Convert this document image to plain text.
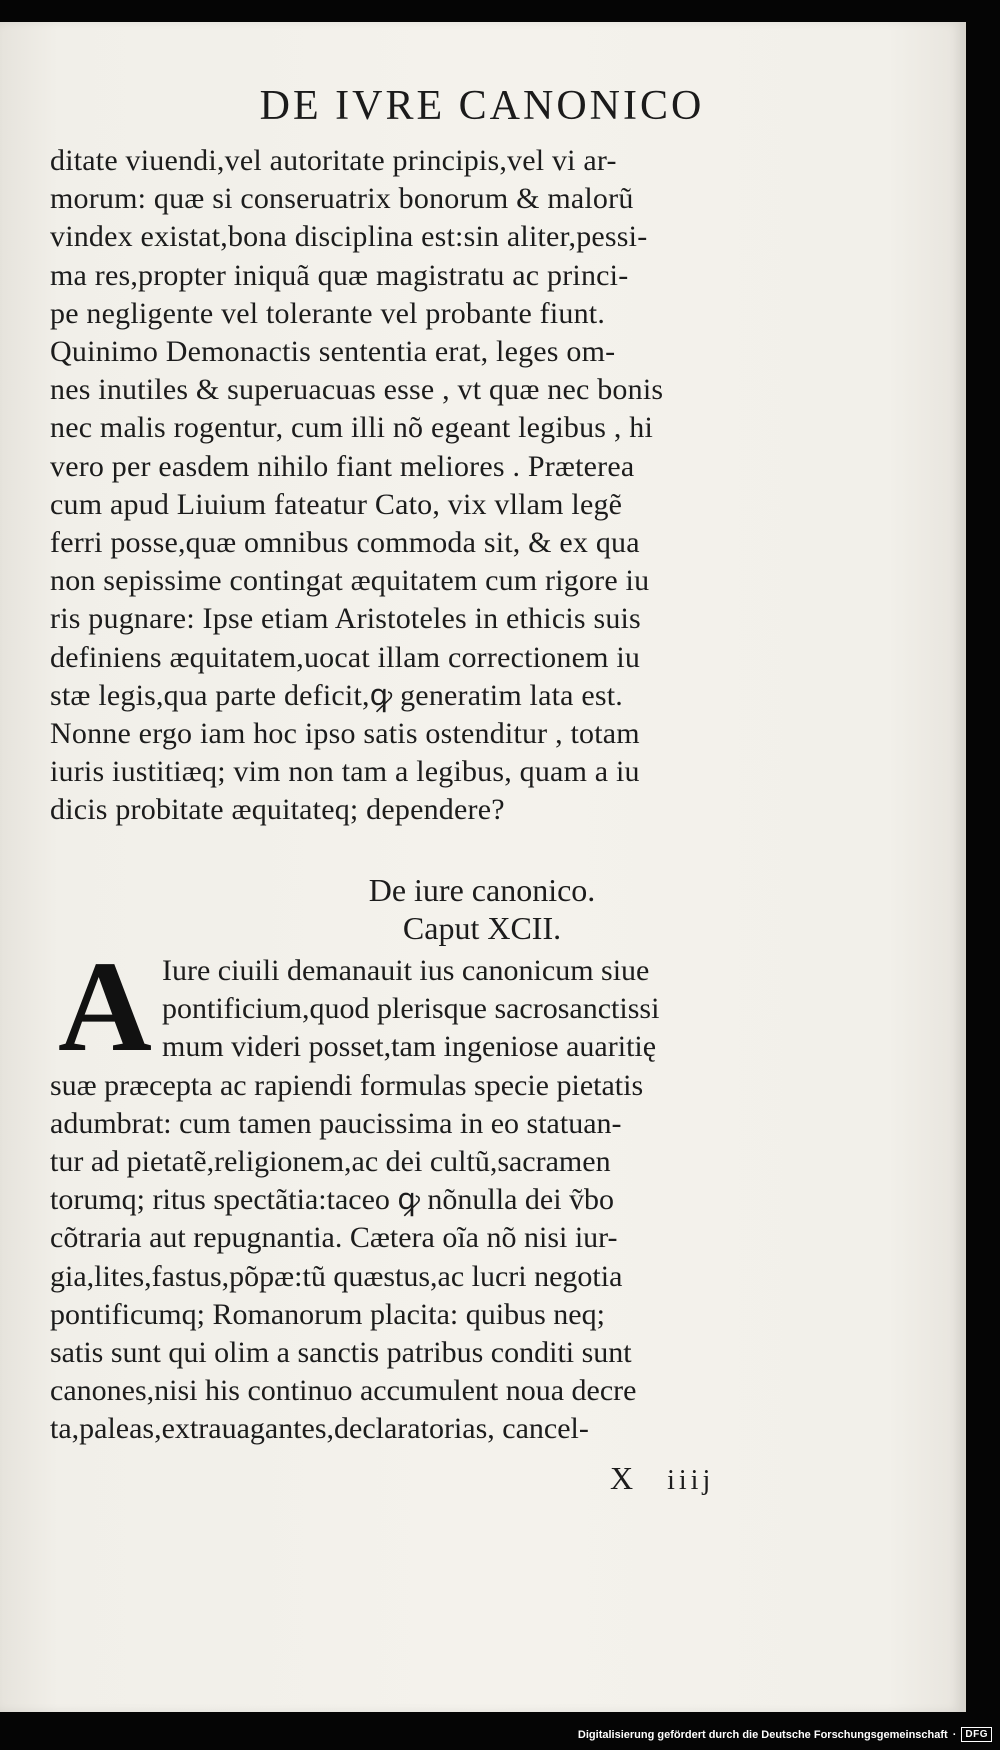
DE IVRE CANONICO
ditate viuendi,vel autoritate principis,vel vi ar-
morum: quæ si conseruatrix bonorum & malorũ
vindex existat,bona disciplina est:sin aliter,pessi-
ma res,propter iniquã quæ magistratu ac princi-
pe negligente vel tolerante vel probante fiunt.
Quinimo Demonactis sententia erat, leges om-
nes inutiles & superuacuas esse , vt quæ nec bonis
nec malis rogentur, cum illi nõ egeant legibus , hi
vero per easdem nihilo fiant meliores . Præterea
cum apud Liuium fateatur Cato, vix vllam legẽ
ferri posse,quæ omnibus commoda sit, & ex qua
non sepissime contingat æquitatem cum rigore iu
ris pugnare: Ipse etiam Aristoteles in ethicis suis
definiens æquitatem,uocat illam correctionem iu
stæ legis,qua parte deficit,ꝙ generatim lata est.
Nonne ergo iam hoc ipso satis ostenditur , totam
iuris iustitiæq; vim non tam a legibus, quam a iu
dicis probitate æquitateq; dependere?
De iure canonico.
Caput XCII.
A Iure ciuili demanauit ius canonicum siue
pontificium,quod plerisque sacrosanctissi
mum videri posset,tam ingeniose auaritię
suæ præcepta ac rapiendi formulas specie pietatis
adumbrat: cum tamen paucissima in eo statuan-
tur ad pietatẽ,religionem,ac dei cultũ,sacramen
torumq; ritus spectãtia:taceo ꝙ nõnulla dei ṽbo
cõtraria aut repugnantia. Cætera oĩa nõ nisi iur-
gia,lites,fastus,põpæ:tũ quæstus,ac lucri negotia
pontificumq; Romanorum placita: quibus neq;
satis sunt qui olim a sanctis patribus conditi sunt
canones,nisi his continuo accumulent noua decre
ta,paleas,extrauagantes,declaratorias, cancel-
X iiij
Digitalisierung gefördert durch die Deutsche Forschungsgemeinschaft · DFG
